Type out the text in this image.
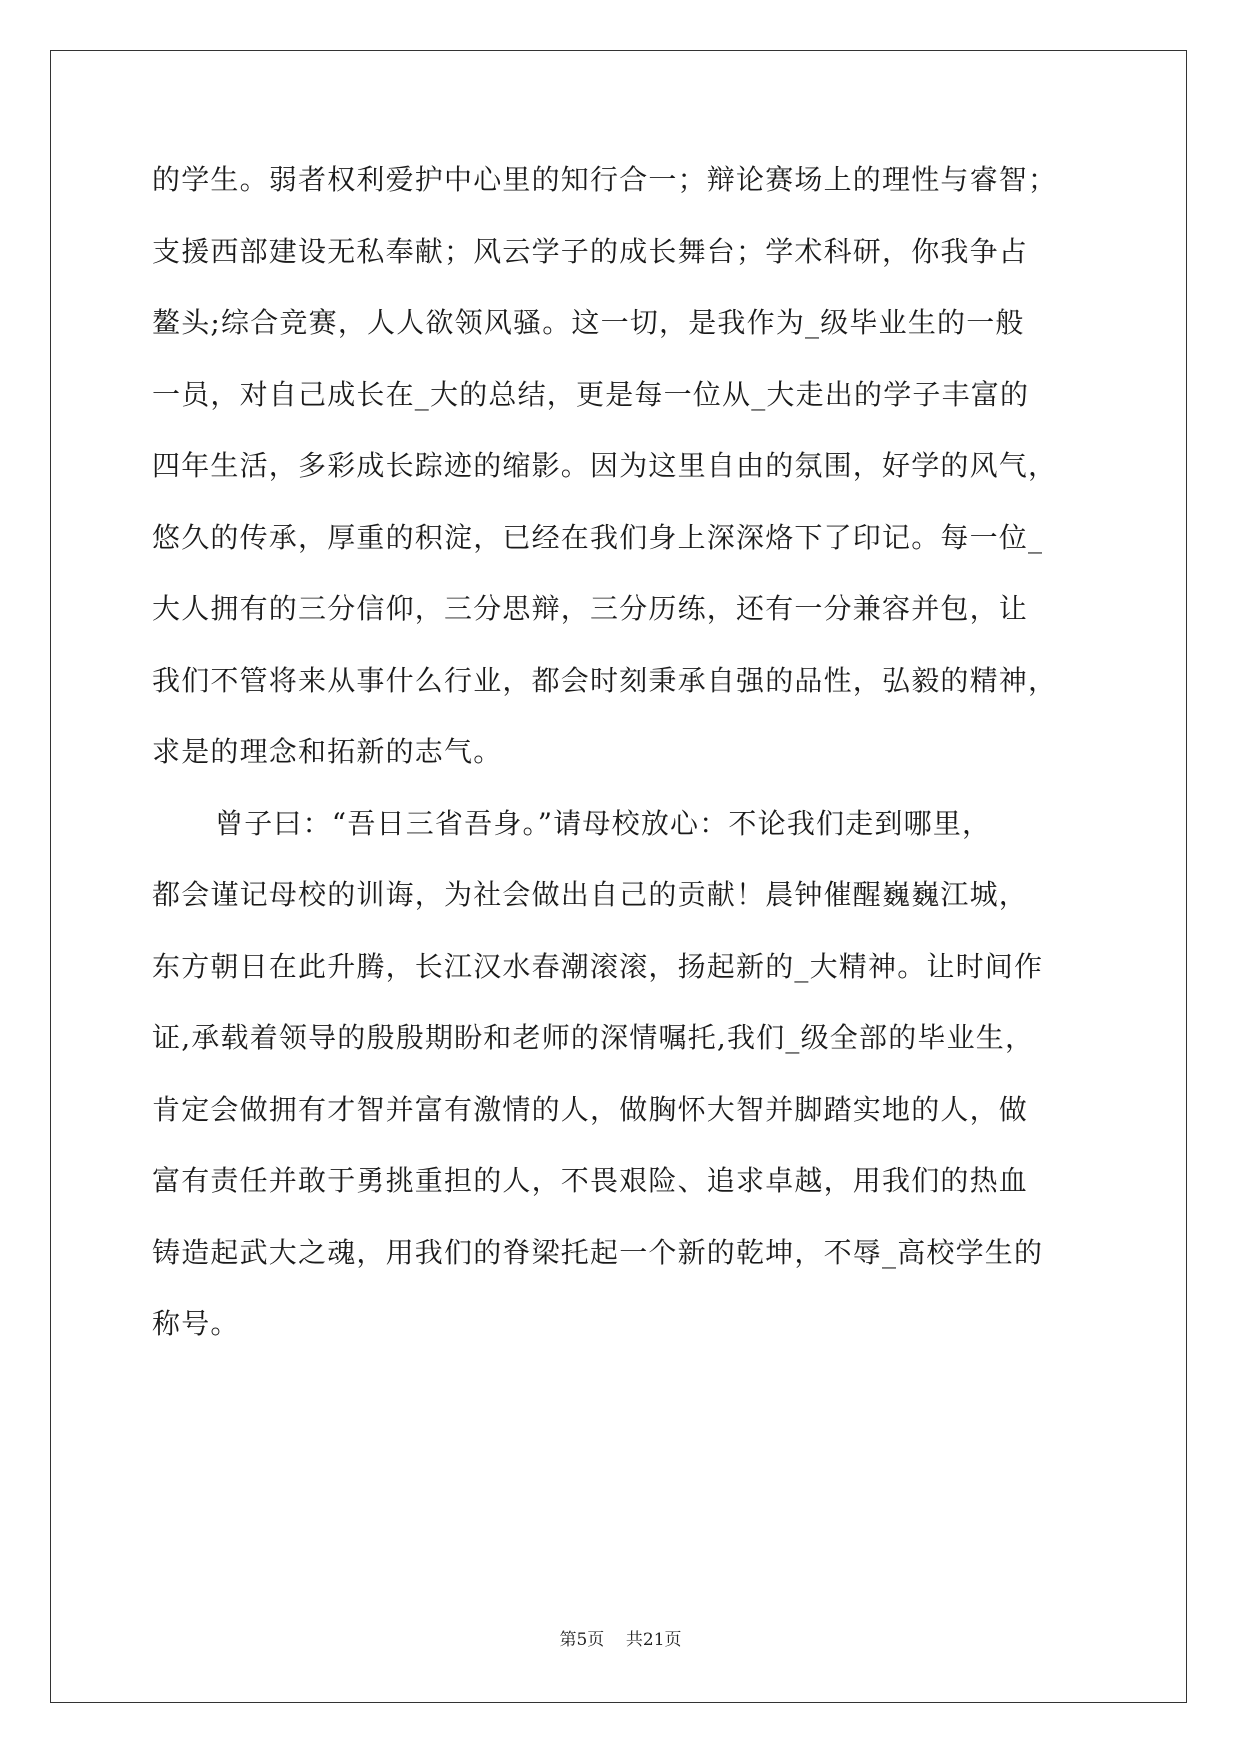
的学生。弱者权利爱护中心里的知行合一；辩论赛场上的理性与睿智；
支援西部建设无私奉献；风云学子的成长舞台；学术科研，你我争占
鳌头;综合竞赛，人人欲领风骚。这一切，是我作为_级毕业生的一般
一员，对自己成长在_大的总结，更是每一位从_大走出的学子丰富的
四年生活，多彩成长踪迹的缩影。因为这里自由的氛围，好学的风气，
悠久的传承，厚重的积淀，已经在我们身上深深烙下了印记。每一位_
大人拥有的三分信仰，三分思辩，三分历练，还有一分兼容并包，让
我们不管将来从事什么行业，都会时刻秉承自强的品性，弘毅的精神，
求是的理念和拓新的志气。
曾子曰：“吾日三省吾身。”请母校放心：不论我们走到哪里，
都会谨记母校的训诲，为社会做出自己的贡献！晨钟催醒巍巍江城，
东方朝日在此升腾，长江汉水春潮滚滚，扬起新的_大精神。让时间作
证,承载着领导的殷殷期盼和老师的深情嘱托,我们_级全部的毕业生，
肯定会做拥有才智并富有激情的人，做胸怀大智并脚踏实地的人，做
富有责任并敢于勇挑重担的人，不畏艰险、追求卓越，用我们的热血
铸造起武大之魂，用我们的脊梁托起一个新的乾坤，不辱_高校学生的
称号。
第5页 共21页
